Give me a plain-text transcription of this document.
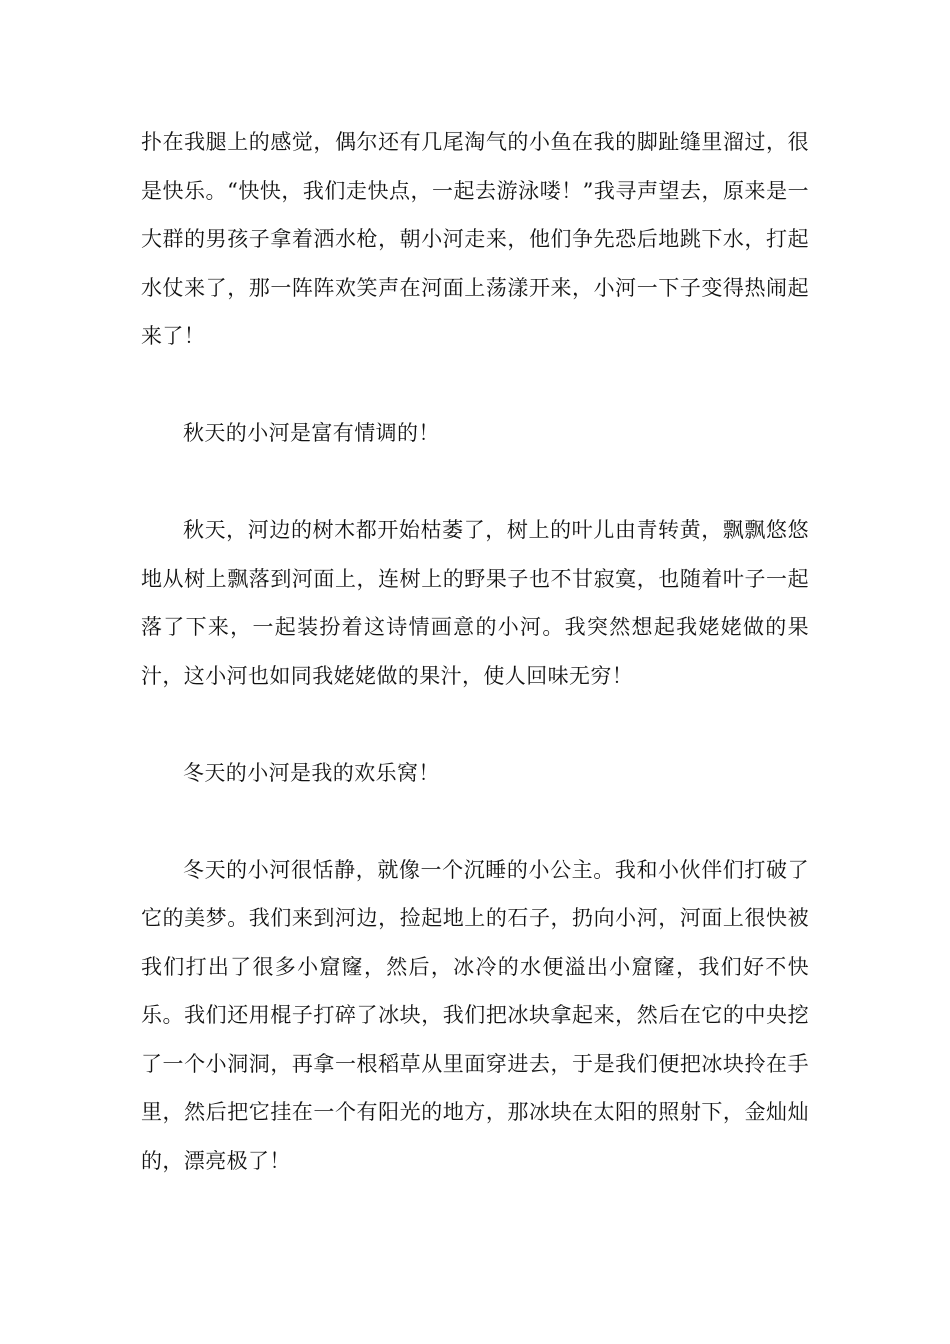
扑在我腿上的感觉，偶尔还有几尾淘气的小鱼在我的脚趾缝里溜过，很是快乐。“快快，我们走快点，一起去游泳喽！”我寻声望去，原来是一大群的男孩子拿着洒水枪，朝小河走来，他们争先恐后地跳下水，打起水仗来了，那一阵阵欢笑声在河面上荡漾开来，小河一下子变得热闹起来了！

秋天的小河是富有情调的！

秋天，河边的树木都开始枯萎了，树上的叶儿由青转黄，飘飘悠悠地从树上飘落到河面上，连树上的野果子也不甘寂寞，也随着叶子一起落了下来，一起装扮着这诗情画意的小河。我突然想起我姥姥做的果汁，这小河也如同我姥姥做的果汁，使人回味无穷！

冬天的小河是我的欢乐窝！

冬天的小河很恬静，就像一个沉睡的小公主。我和小伙伴们打破了它的美梦。我们来到河边，捡起地上的石子，扔向小河，河面上很快被我们打出了很多小窟窿，然后，冰冷的水便溢出小窟窿，我们好不快乐。我们还用棍子打碎了冰块，我们把冰块拿起来，然后在它的中央挖了一个小洞洞，再拿一根稻草从里面穿进去，于是我们便把冰块拎在手里，然后把它挂在一个有阳光的地方，那冰块在太阳的照射下，金灿灿的，漂亮极了！
